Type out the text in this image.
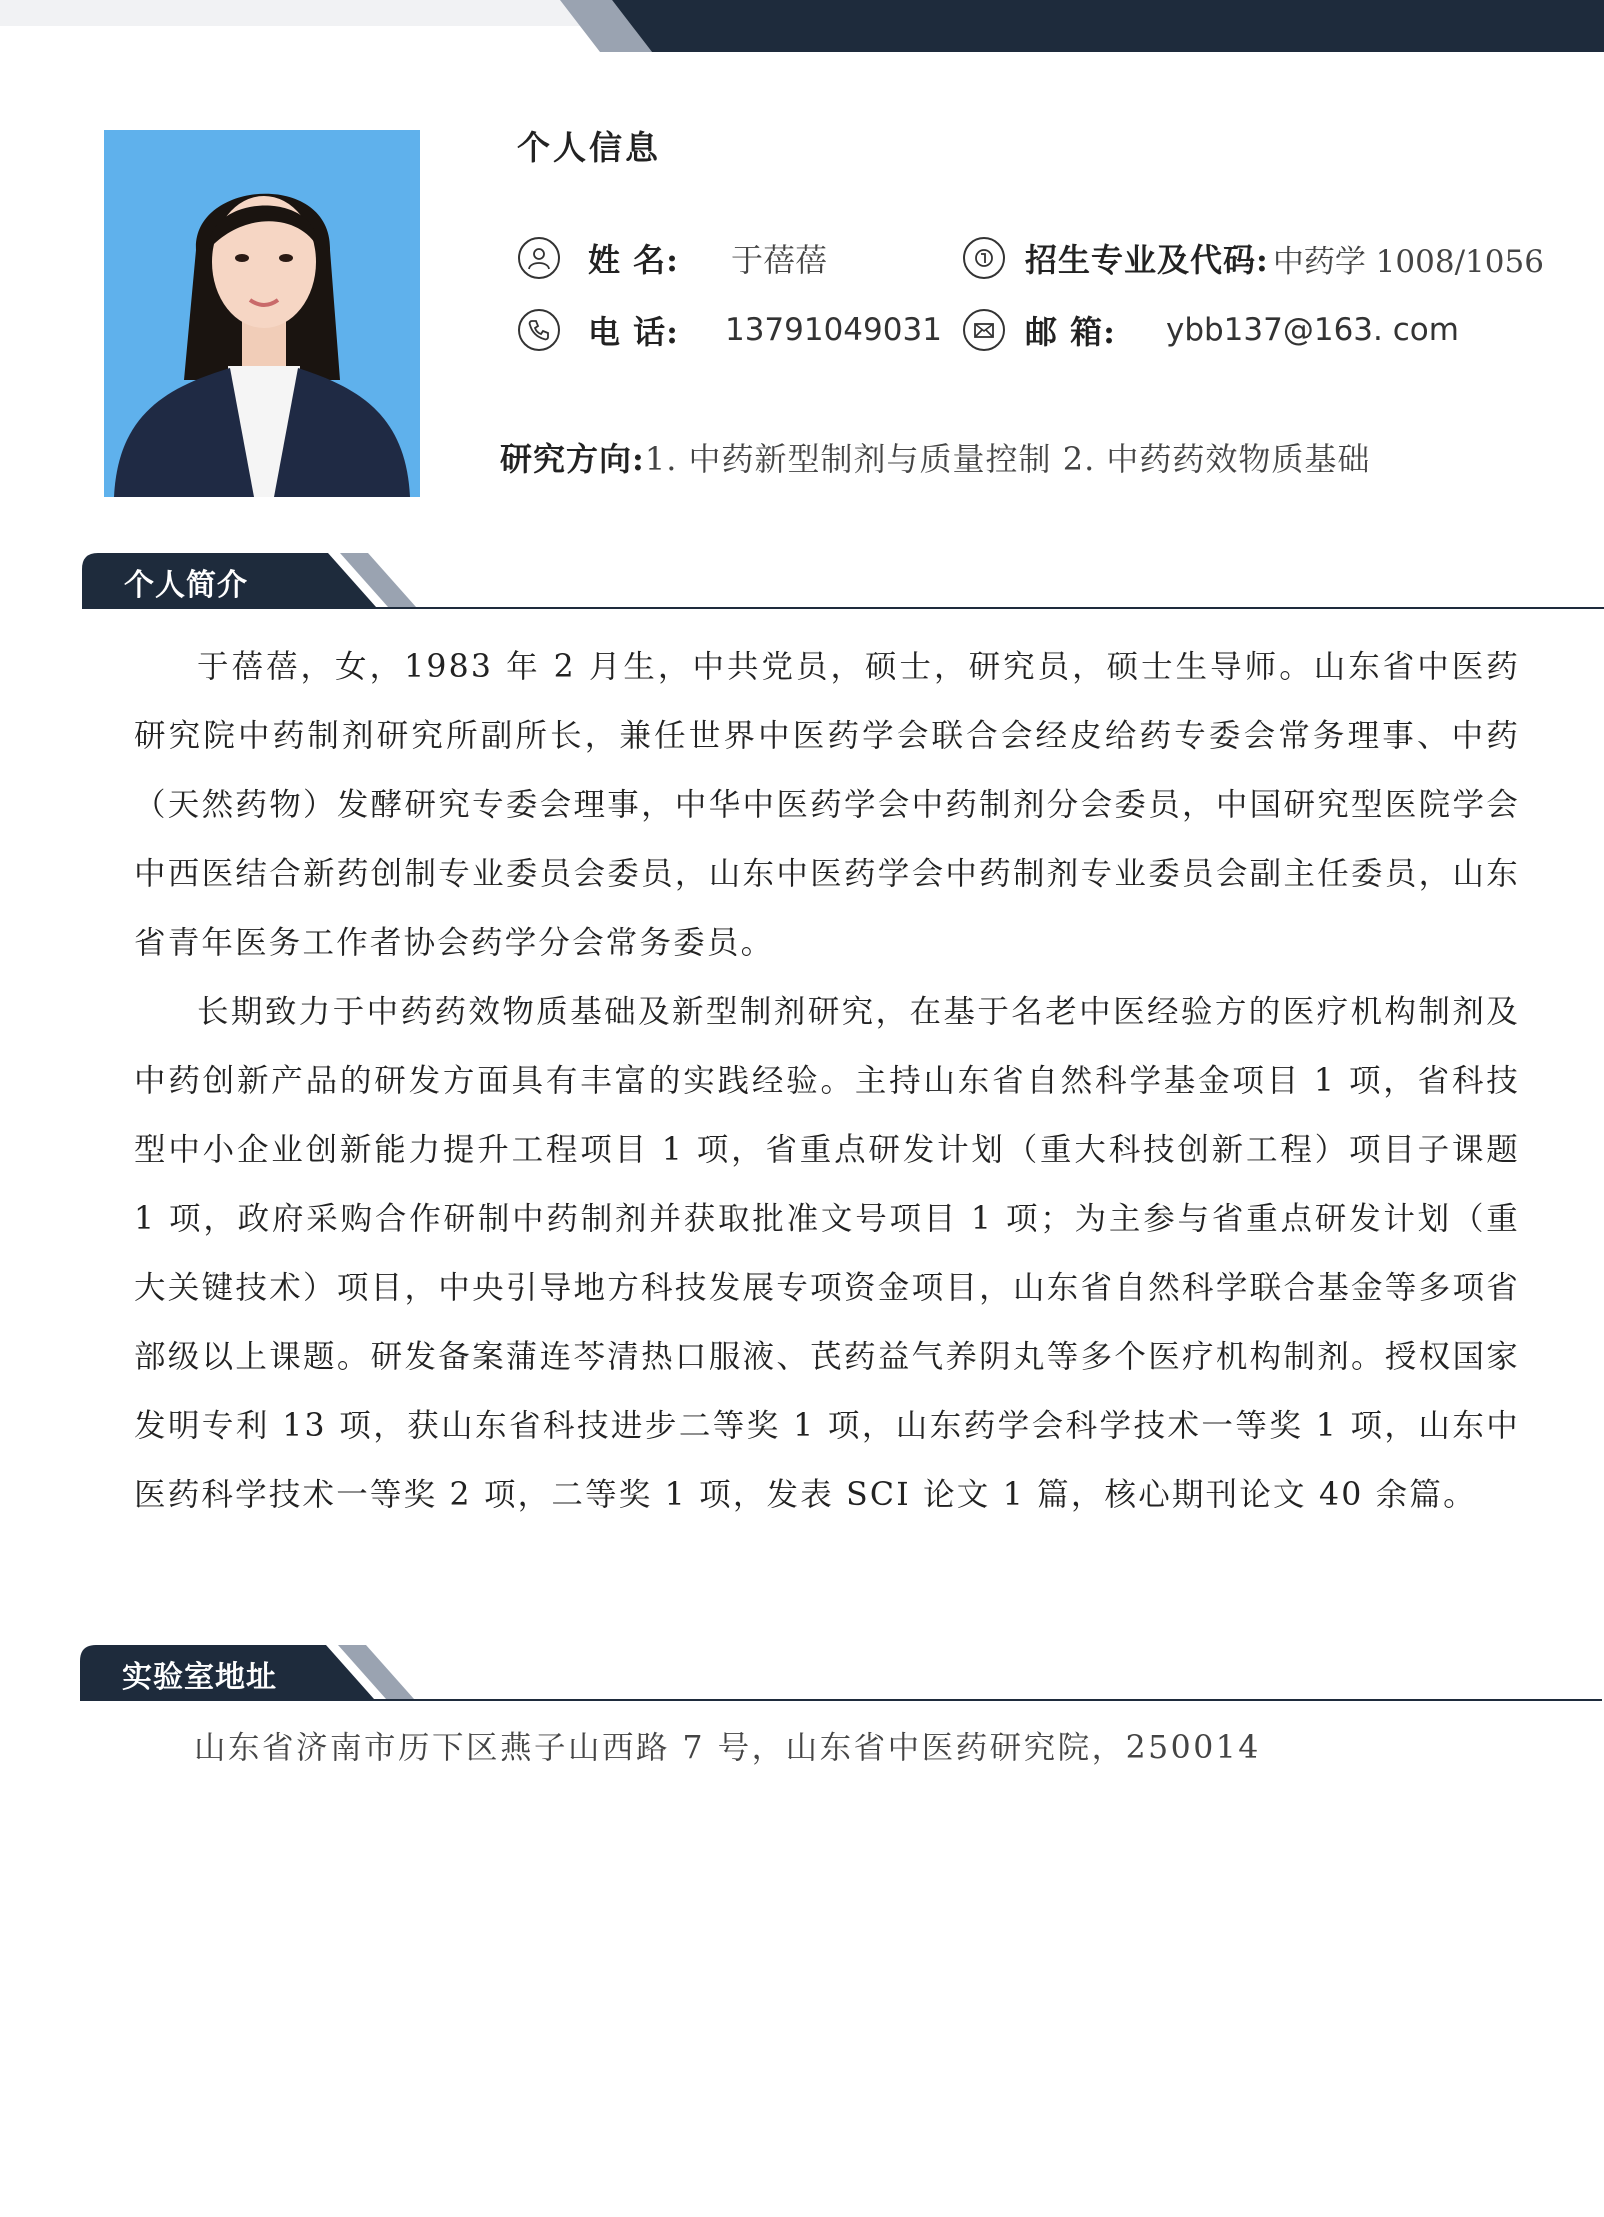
个人信息
姓 名: 于蓓蓓	招生专业及代码: 中药学 1008/1056
电 话: 13791049031	邮 箱: ybb137@163. com
研究方向:1. 中药新型制剂与质量控制 2. 中药药效物质基础
个人简介

于蓓蓓，女，1983 年 2 月生，中共党员，硕士，研究员，硕士生导师。山东省中医药研究院中药制剂研究所副所长，兼任世界中医药学会联合会经皮给药专委会常务理事、中药（天然药物）发酵研究专委会理事，中华中医药学会中药制剂分会委员，中国研究型医院学会中西医结合新药创制专业委员会委员，山东中医药学会中药制剂专业委员会副主任委员，山东省青年医务工作者协会药学分会常务委员。

长期致力于中药药效物质基础及新型制剂研究，在基于名老中医经验方的医疗机构制剂及中药创新产品的研发方面具有丰富的实践经验。主持山东省自然科学基金项目 1 项，省科技型中小企业创新能力提升工程项目 1 项，省重点研发计划（重大科技创新工程）项目子课题 1 项，政府采购合作研制中药制剂并获取批准文号项目 1 项；为主参与省重点研发计划（重大关键技术）项目，中央引导地方科技发展专项资金项目，山东省自然科学联合基金等多项省部级以上课题。研发备案蒲连芩清热口服液、芪药益气养阴丸等多个医疗机构制剂。授权国家发明专利 13 项，获山东省科技进步二等奖 1 项，山东药学会科学技术一等奖 1 项，山东中医药科学技术一等奖 2 项，二等奖 1 项，发表 SCI 论文 1 篇，核心期刊论文 40 余篇。

实验室地址
山东省济南市历下区燕子山西路 7 号，山东省中医药研究院，250014
